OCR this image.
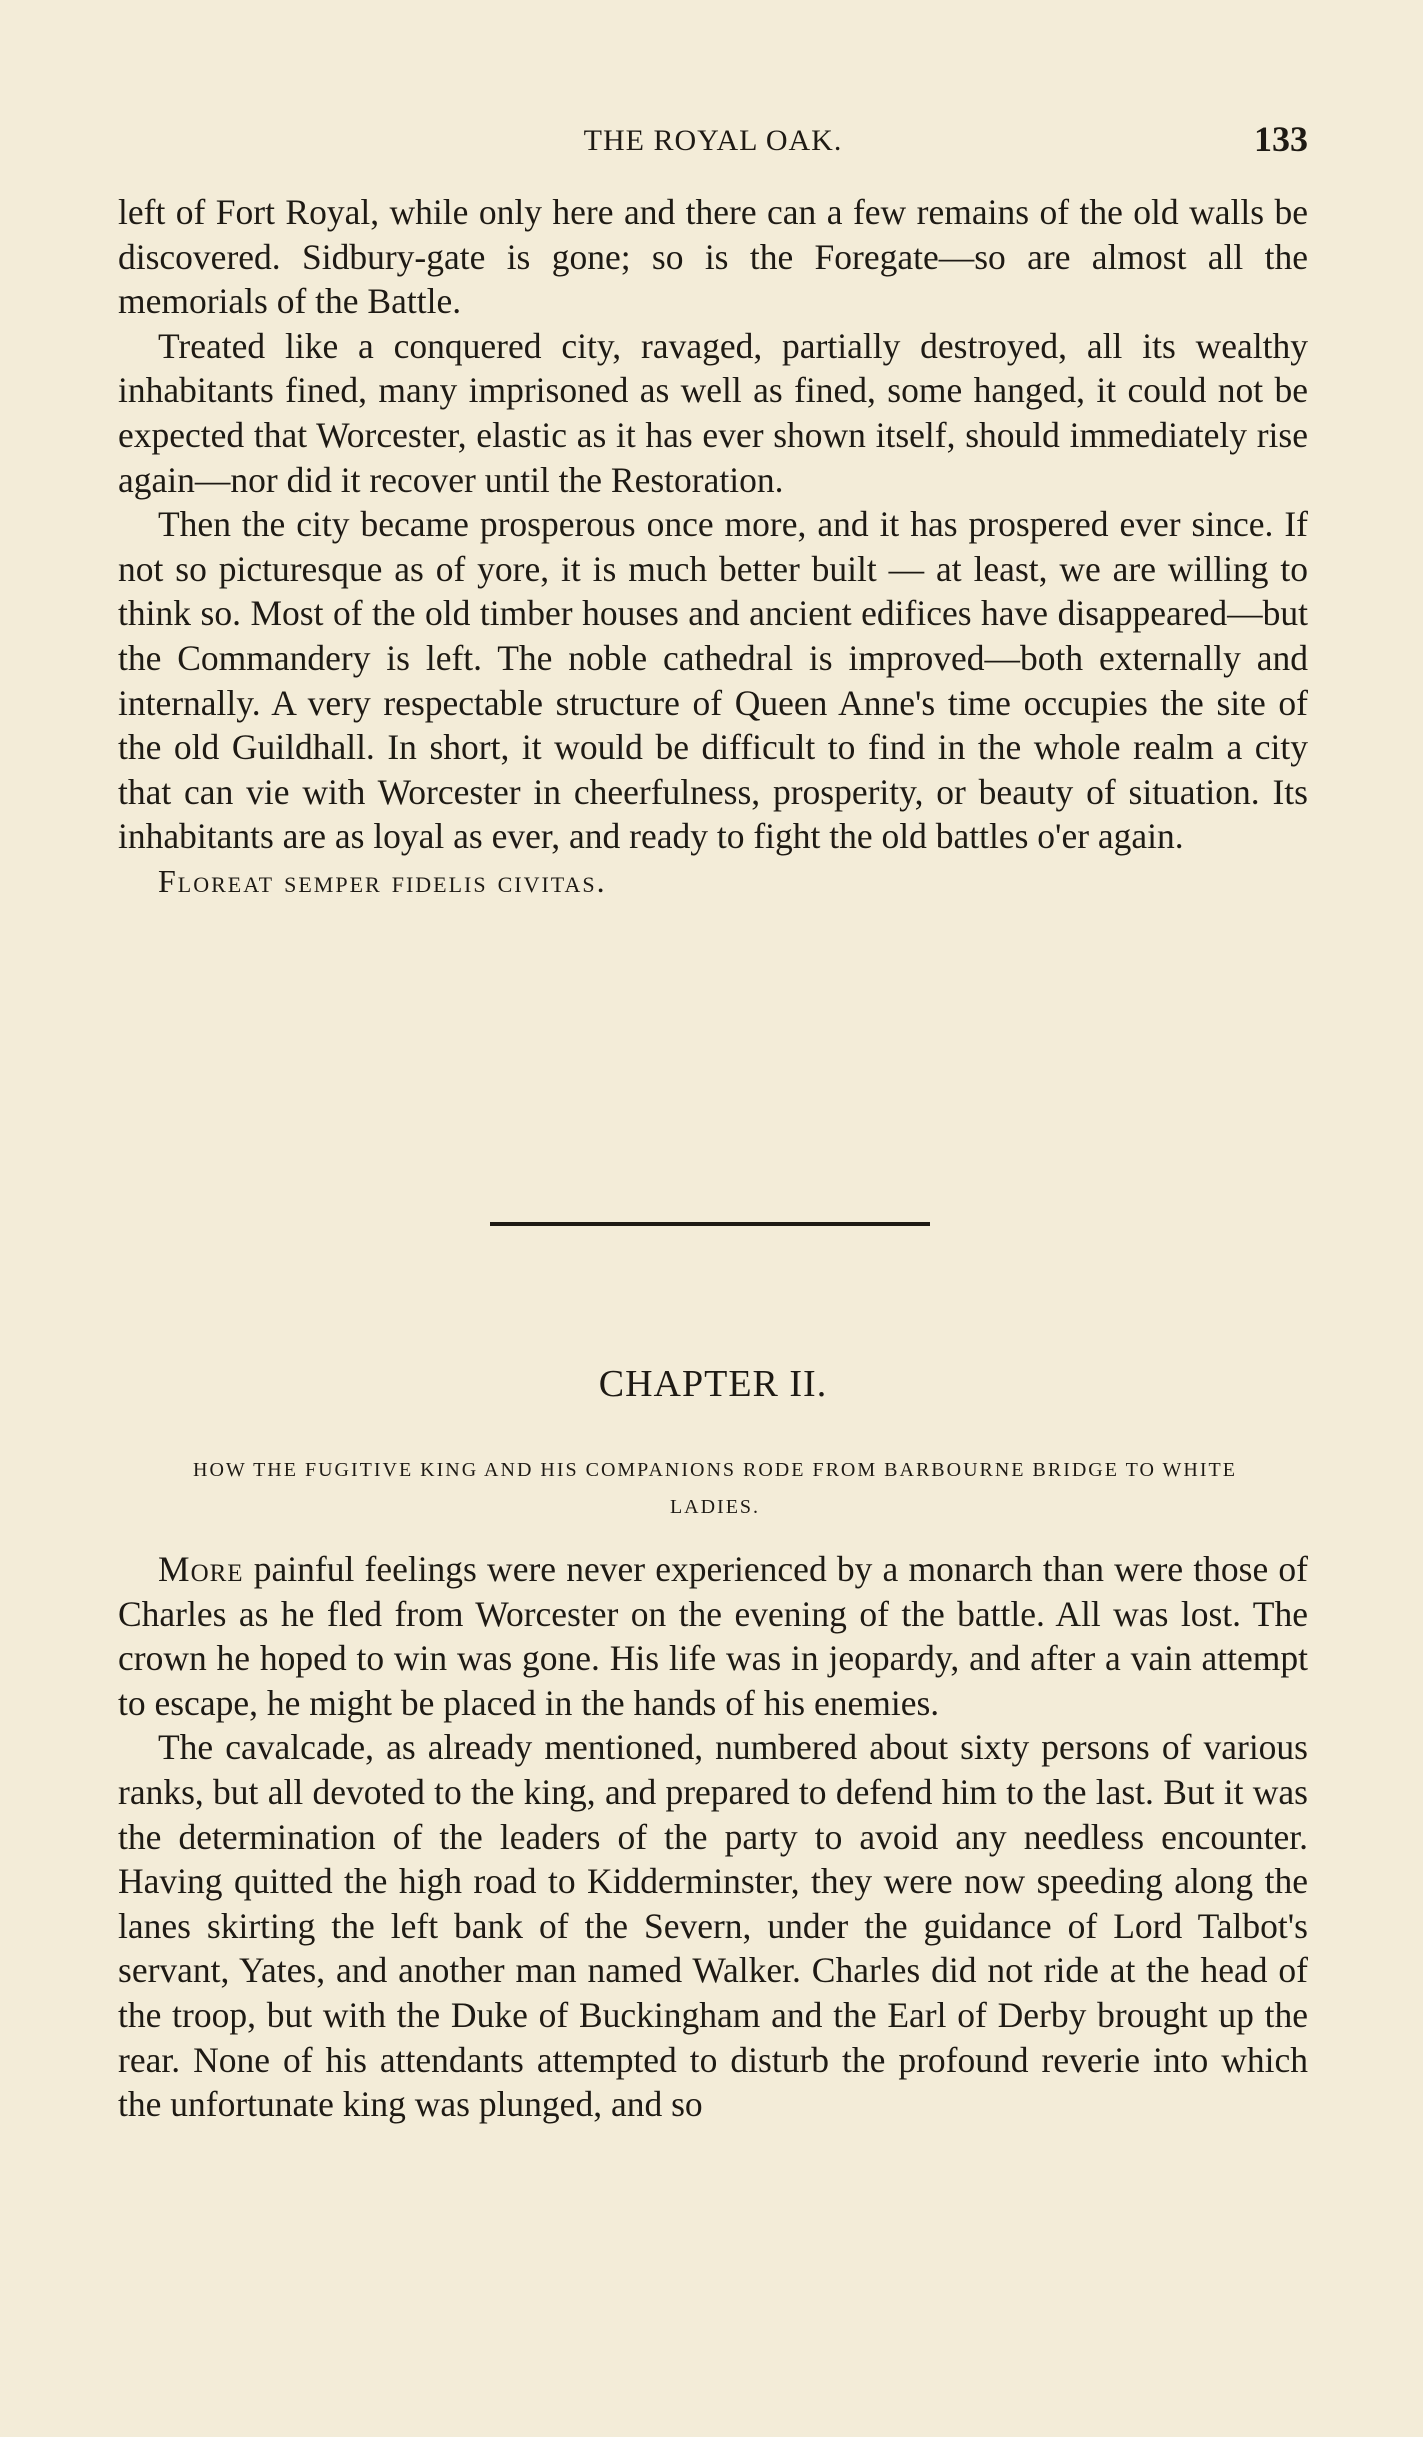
THE ROYAL OAK.	133

left of Fort Royal, while only here and there can a few remains of the old walls be discovered. Sidbury-gate is gone; so is the Foregate—so are almost all the memorials of the Battle.

Treated like a conquered city, ravaged, partially destroyed, all its wealthy inhabitants fined, many imprisoned as well as fined, some hanged, it could not be expected that Worcester, elastic as it has ever shown itself, should immediately rise again—nor did it recover until the Restoration.

Then the city became prosperous once more, and it has prospered ever since. If not so picturesque as of yore, it is much better built — at least, we are willing to think so. Most of the old timber houses and ancient edifices have disappeared—but the Commandery is left. The noble cathedral is improved—both externally and internally. A very respectable structure of Queen Anne's time occupies the site of the old Guildhall. In short, it would be difficult to find in the whole realm a city that can vie with Worcester in cheerfulness, prosperity, or beauty of situation. Its inhabitants are as loyal as ever, and ready to fight the old battles o'er again.

Floreat semper fidelis civitas.

CHAPTER II.
HOW THE FUGITIVE KING AND HIS COMPANIONS RODE FROM BARBOURNE BRIDGE TO WHITE LADIES.

More painful feelings were never experienced by a monarch than were those of Charles as he fled from Worcester on the evening of the battle. All was lost. The crown he hoped to win was gone. His life was in jeopardy, and after a vain attempt to escape, he might be placed in the hands of his enemies.

The cavalcade, as already mentioned, numbered about sixty persons of various ranks, but all devoted to the king, and prepared to defend him to the last. But it was the determination of the leaders of the party to avoid any needless encounter. Having quitted the high road to Kidderminster, they were now speeding along the lanes skirting the left bank of the Severn, under the guidance of Lord Talbot's servant, Yates, and another man named Walker. Charles did not ride at the head of the troop, but with the Duke of Buckingham and the Earl of Derby brought up the rear. None of his attendants attempted to disturb the profound reverie into which the unfortunate king was plunged, and so
